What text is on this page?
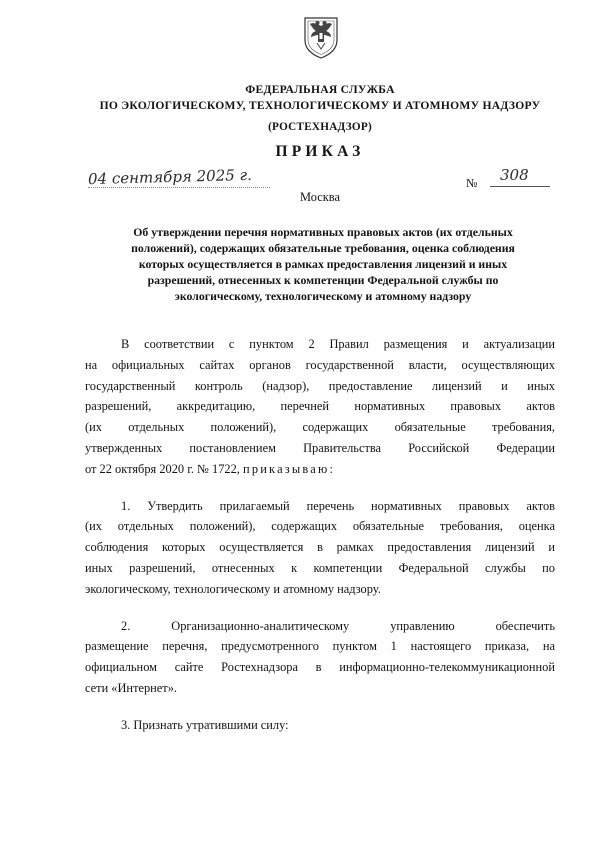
ФЕДЕРАЛЬНАЯ СЛУЖБА
ПО ЭКОЛОГИЧЕСКОМУ, ТЕХНОЛОГИЧЕСКОМУ И АТОМНОМУ НАДЗОРУ
(РОСТЕХНАДЗОР)
ПРИКАЗ
04 сентября 2025 г.	№ 308
Москва
Об утверждении перечня нормативных правовых актов (их отдельных
положений), содержащих обязательные требования, оценка соблюдения
которых осуществляется в рамках предоставления лицензий и иных
разрешений, отнесенных к компетенции Федеральной службы по
экологическому, технологическому и атомному надзору
В соответствии с пунктом 2 Правил размещения и актуализации
на официальных сайтах органов государственной власти, осуществляющих
государственный контроль (надзор), предоставление лицензий и иных
разрешений, аккредитацию, перечней нормативных правовых актов
(их отдельных положений), содержащих обязательные требования,
утвержденных постановлением Правительства Российской Федерации
от 22 октября 2020 г. № 1722, приказываю:
1. Утвердить прилагаемый перечень нормативных правовых актов
(их отдельных положений), содержащих обязательные требования, оценка
соблюдения которых осуществляется в рамках предоставления лицензий и
иных разрешений, отнесенных к компетенции Федеральной службы по
экологическому, технологическому и атомному надзору.
2. Организационно-аналитическому управлению обеспечить
размещение перечня, предусмотренного пунктом 1 настоящего приказа, на
официальном сайте Ростехнадзора в информационно-телекоммуникационной
сети «Интернет».
3. Признать утратившими силу:
